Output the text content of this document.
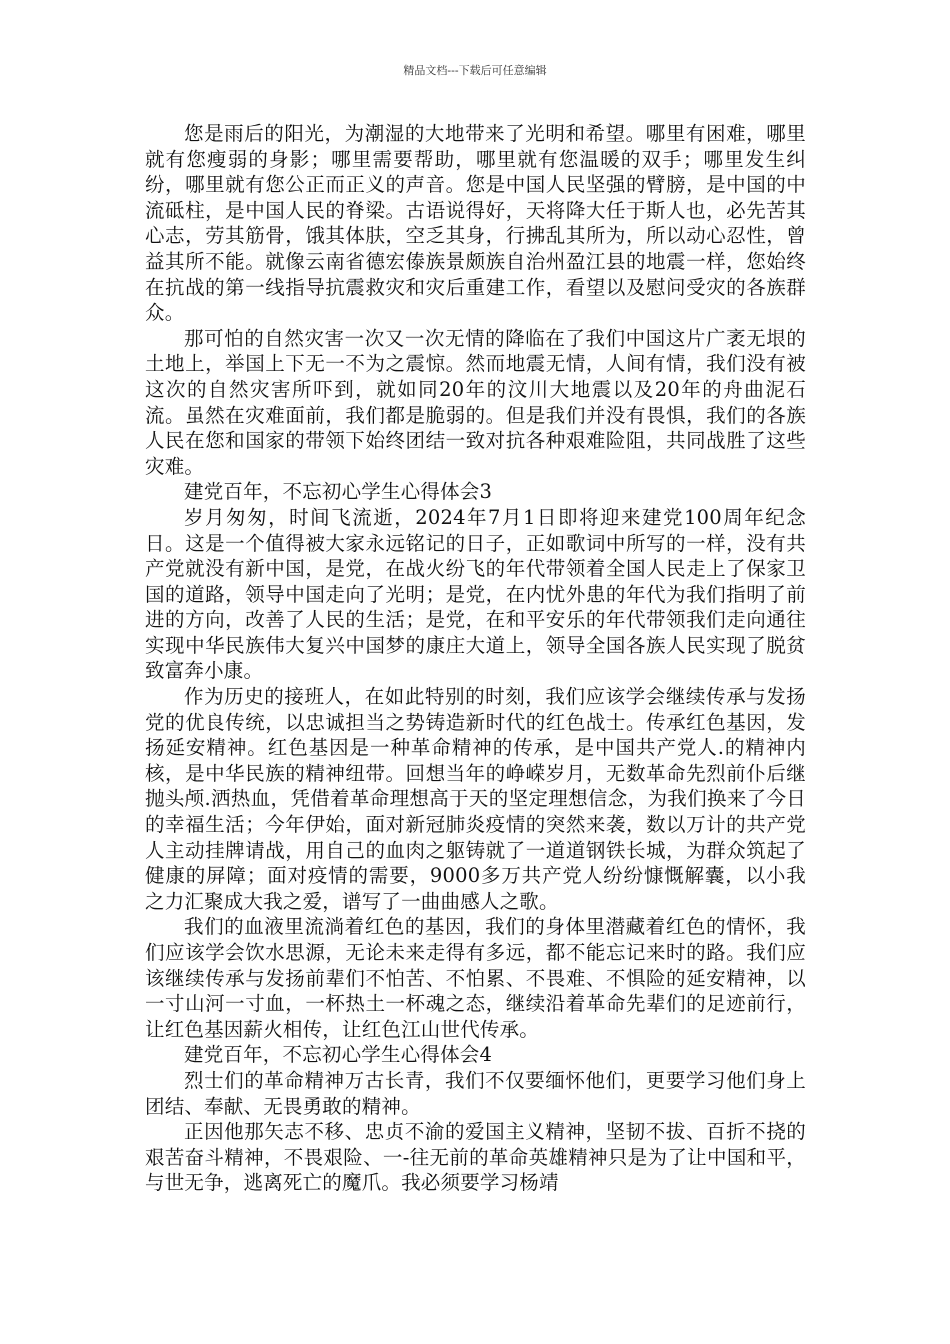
精品文档---下载后可任意编辑

您是雨后的阳光，为潮湿的大地带来了光明和希望。哪里有困难，哪里就有您瘦弱的身影；哪里需要帮助，哪里就有您温暖的双手；哪里发生纠纷，哪里就有您公正而正义的声音。您是中国人民坚强的臂膀，是中国的中流砥柱，是中国人民的脊梁。古语说得好，天将降大任于斯人也，必先苦其心志，劳其筋骨，饿其体肤，空乏其身，行拂乱其所为，所以动心忍性，曾益其所不能。就像云南省德宏傣族景颇族自治州盈江县的地震一样，您始终在抗战的第一线指导抗震救灾和灾后重建工作，看望以及慰问受灾的各族群众。

那可怕的自然灾害一次又一次无情的降临在了我们中国这片广袤无垠的土地上，举国上下无一不为之震惊。然而地震无情，人间有情，我们没有被这次的自然灾害所吓到，就如同20年的汶川大地震以及20年的舟曲泥石流。虽然在灾难面前，我们都是脆弱的。但是我们并没有畏惧，我们的各族人民在您和国家的带领下始终团结一致对抗各种艰难险阻，共同战胜了这些灾难。

建党百年，不忘初心学生心得体会3

岁月匆匆，时间飞流逝，2024年7月1日即将迎来建党100周年纪念日。这是一个值得被大家永远铭记的日子，正如歌词中所写的一样，没有共产党就没有新中国，是党，在战火纷飞的年代带领着全国人民走上了保家卫国的道路，领导中国走向了光明；是党，在内忧外患的年代为我们指明了前进的方向，改善了人民的生活；是党，在和平安乐的年代带领我们走向通往实现中华民族伟大复兴中国梦的康庄大道上，领导全国各族人民实现了脱贫致富奔小康。

作为历史的接班人，在如此特别的时刻，我们应该学会继续传承与发扬党的优良传统，以忠诚担当之势铸造新时代的红色战士。传承红色基因，发扬延安精神。红色基因是一种革命精神的传承，是中国共产党人.的精神内核，是中华民族的精神纽带。回想当年的峥嵘岁月，无数革命先烈前仆后继抛头颅.洒热血，凭借着革命理想高于天的坚定理想信念，为我们换来了今日的幸福生活；今年伊始，面对新冠肺炎疫情的突然来袭，数以万计的共产党人主动挂牌请战，用自己的血肉之躯铸就了一道道钢铁长城，为群众筑起了健康的屏障；面对疫情的需要，9000多万共产党人纷纷慷慨解囊，以小我之力汇聚成大我之爱，谱写了一曲曲感人之歌。

我们的血液里流淌着红色的基因，我们的身体里潜藏着红色的情怀，我们应该学会饮水思源，无论未来走得有多远，都不能忘记来时的路。我们应该继续传承与发扬前辈们不怕苦、不怕累、不畏难、不惧险的延安精神，以一寸山河一寸血，一杯热土一杯魂之态，继续沿着革命先辈们的足迹前行，让红色基因薪火相传，让红色江山世代传承。

建党百年，不忘初心学生心得体会4

烈士们的革命精神万古长青，我们不仅要缅怀他们，更要学习他们身上团结、奉献、无畏勇敢的精神。

正因他那矢志不移、忠贞不渝的爱国主义精神，坚韧不拔、百折不挠的艰苦奋斗精神，不畏艰险、一-往无前的革命英雄精神只是为了让中国和平，与世无争，逃离死亡的魔爪。我必须要学习杨靖
